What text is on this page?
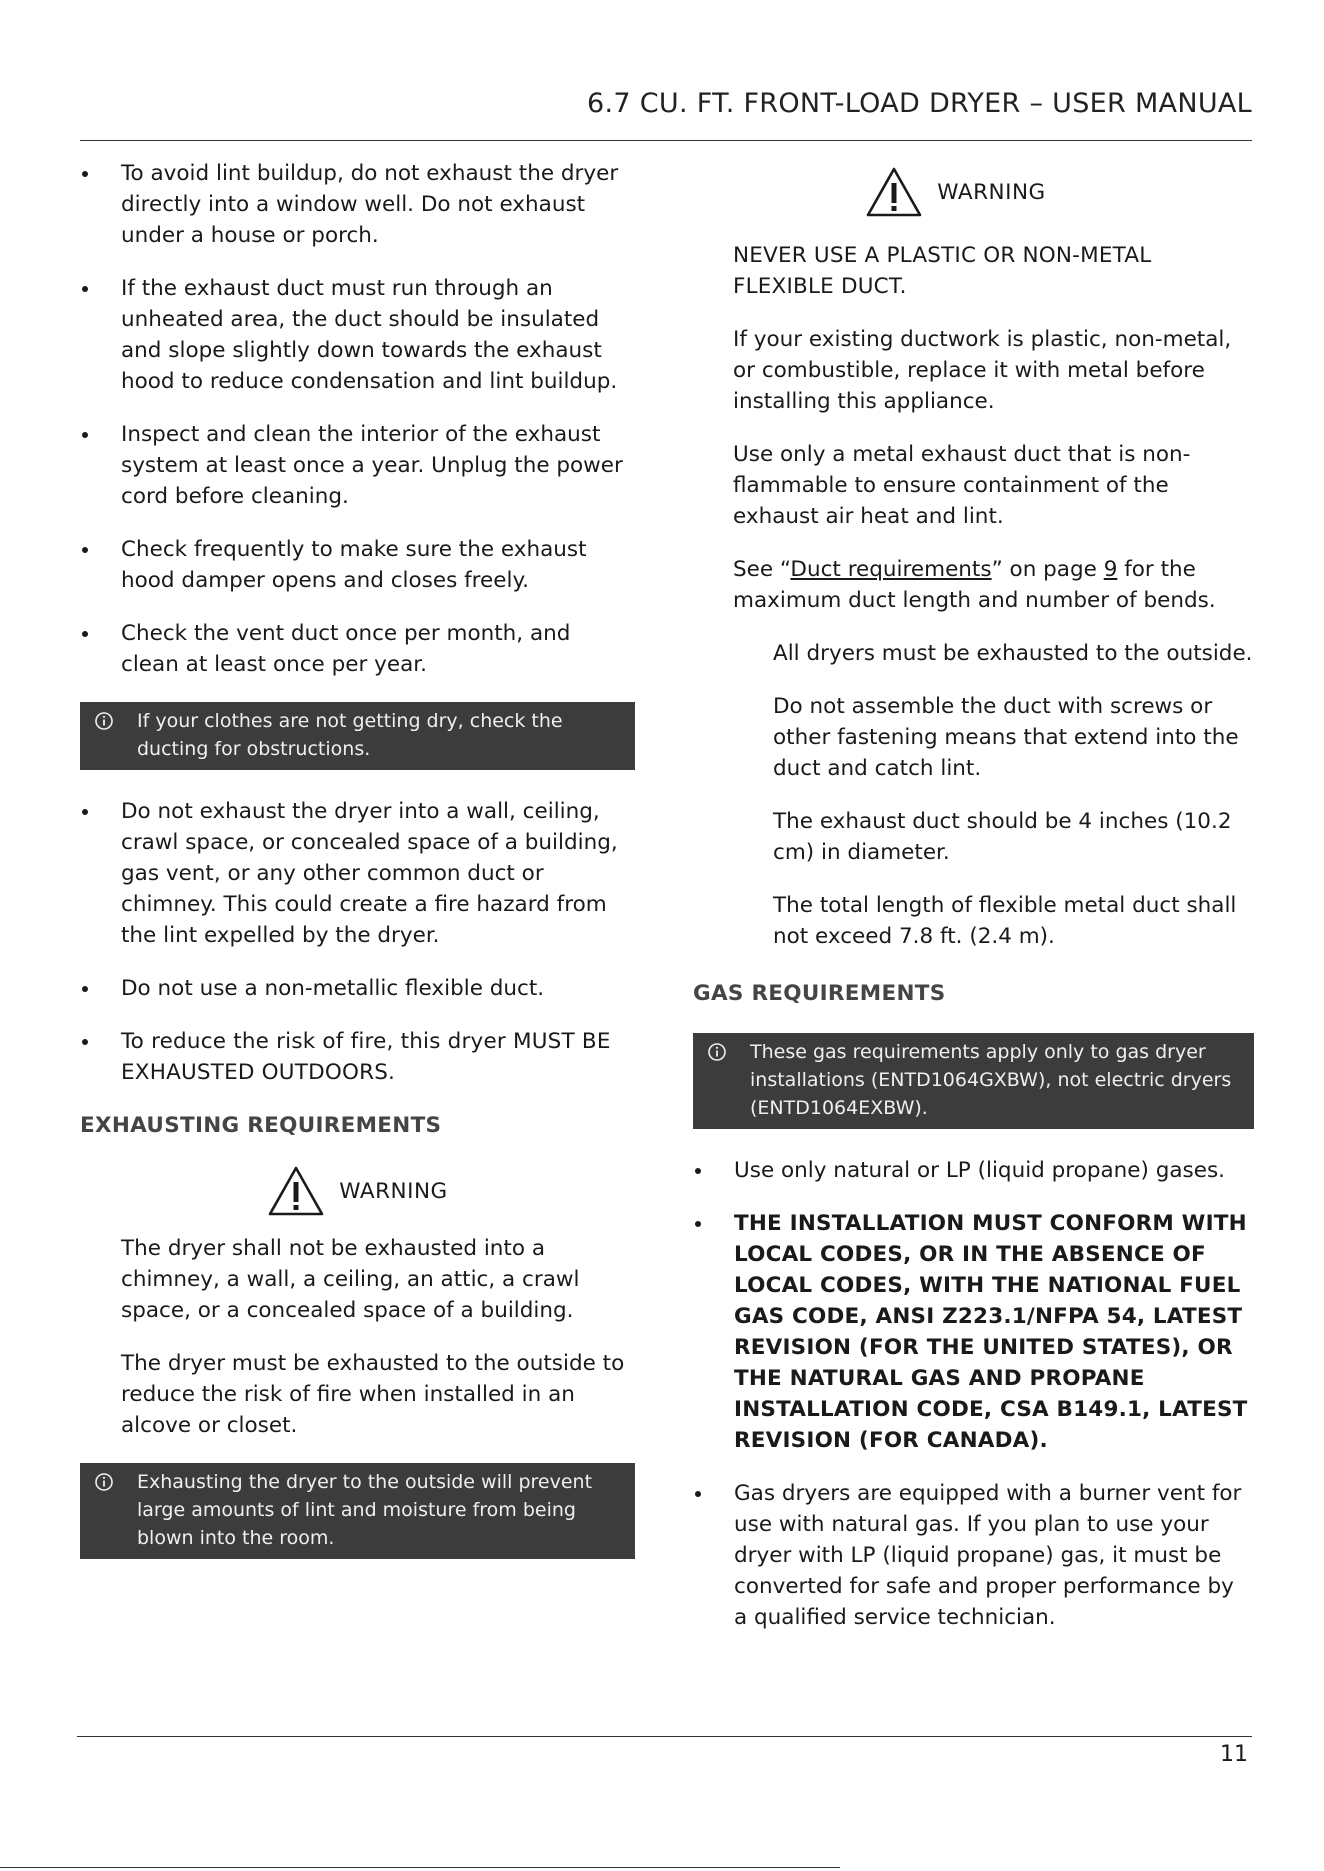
6.7 CU. FT. FRONT-LOAD DRYER – USER MANUAL
To avoid lint buildup, do not exhaust the dryer directly into a window well. Do not exhaust under a house or porch.
If the exhaust duct must run through an unheated area, the duct should be insulated and slope slightly down towards the exhaust hood to reduce condensation and lint buildup.
Inspect and clean the interior of the exhaust system at least once a year. Unplug the power cord before cleaning.
Check frequently to make sure the exhaust hood damper opens and closes freely.
Check the vent duct once per month, and clean at least once per year.
If your clothes are not getting dry, check the ducting for obstructions.
Do not exhaust the dryer into a wall, ceiling, crawl space, or concealed space of a building, gas vent, or any other common duct or chimney. This could create a fire hazard from the lint expelled by the dryer.
Do not use a non-metallic flexible duct.
To reduce the risk of fire, this dryer MUST BE EXHAUSTED OUTDOORS.
EXHAUSTING REQUIREMENTS
WARNING

The dryer shall not be exhausted into a chimney, a wall, a ceiling, an attic, a crawl space, or a concealed space of a building.

The dryer must be exhausted to the outside to reduce the risk of fire when installed in an alcove or closet.

Exhausting the dryer to the outside will prevent large amounts of lint and moisture from being blown into the room.
WARNING

NEVER USE A PLASTIC OR NON-METAL FLEXIBLE DUCT.

If your existing ductwork is plastic, non-metal, or combustible, replace it with metal before installing this appliance.

Use only a metal exhaust duct that is non-flammable to ensure containment of the exhaust air heat and lint.

See “Duct requirements” on page 9 for the maximum duct length and number of bends.

All dryers must be exhausted to the outside.

Do not assemble the duct with screws or other fastening means that extend into the duct and catch lint.

The exhaust duct should be 4 inches (10.2 cm) in diameter.

The total length of flexible metal duct shall not exceed 7.8 ft. (2.4 m).

GAS REQUIREMENTS
These gas requirements apply only to gas dryer installations (ENTD1064GXBW), not electric dryers (ENTD1064EXBW).
Use only natural or LP (liquid propane) gases.
THE INSTALLATION MUST CONFORM WITH LOCAL CODES, OR IN THE ABSENCE OF LOCAL CODES, WITH THE NATIONAL FUEL GAS CODE, ANSI Z223.1/NFPA 54, LATEST REVISION (FOR THE UNITED STATES), OR THE NATURAL GAS AND PROPANE INSTALLATION CODE, CSA B149.1, LATEST REVISION (FOR CANADA).
Gas dryers are equipped with a burner vent for use with natural gas. If you plan to use your dryer with LP (liquid propane) gas, it must be converted for safe and proper performance by a qualified service technician.
11
